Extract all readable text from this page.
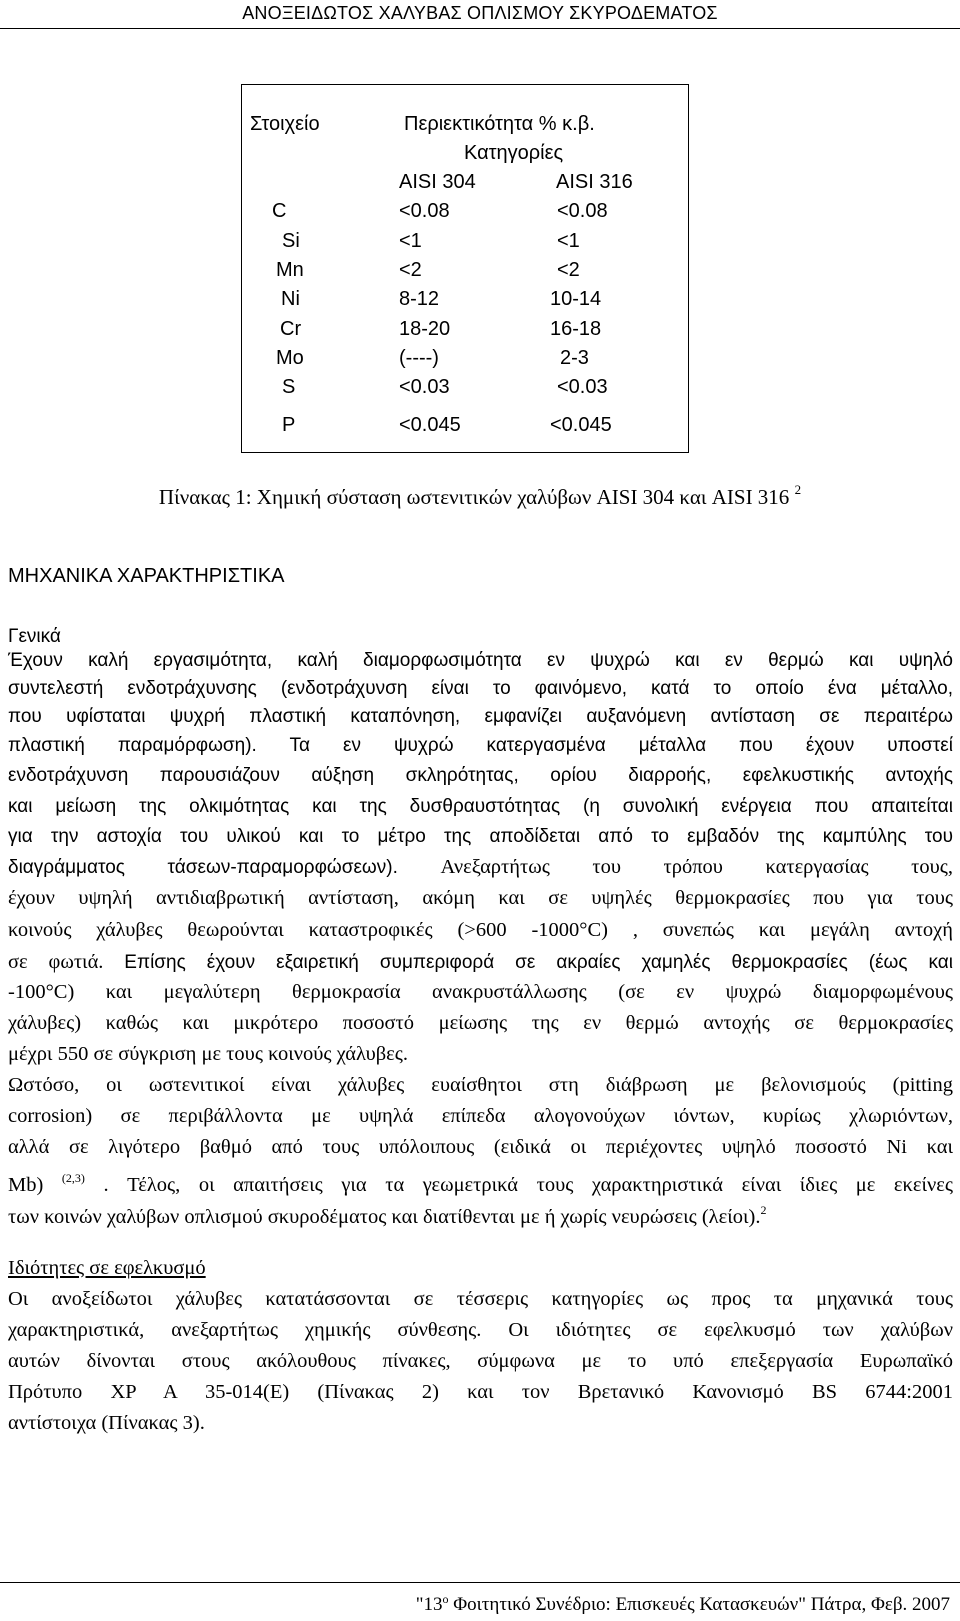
ΑΝΟΞΕΙΔΩΤΟΣ ΧΑΛΥΒΑΣ ΟΠΛΙΣΜΟΥ ΣΚΥΡΟΔΕΜΑΤΟΣ
Στοιχείο	Περιεκτικότητα % κ.β.
Κατηγορίες
AISI 304	AISI 316
C	<0.08	<0.08
Si	<1	<1
Mn	<2	<2
Ni	8-12	10-14
Cr	18-20	16-18
Mo	(----)	2-3
S	<0.03	<0.03
P	<0.045	<0.045
Πίνακας 1: Χημική σύσταση ωστενιτικών χαλύβων AISI 304 και AISI 316 $^2$
ΜΗΧΑΝΙΚΑ ΧΑΡΑΚΤΗΡΙΣΤΙΚΑ
Γενικά
Έχουν καλή εργασιμότητα, καλή διαμορφωσιμότητα εν ψυχρώ και εν θερμώ και υψηλό
συντελεστή ενδοτράχυνσης (ενδοτράχυνση είναι το φαινόμενο, κατά το οποίο ένα μέταλλο,
που υφίσταται ψυχρή πλαστική καταπόνηση, εμφανίζει αυξανόμενη αντίσταση σε περαιτέρω
πλαστική παραμόρφωση). Τα εν ψυχρώ κατεργασμένα μέταλλα που έχουν υποστεί
ενδοτράχυνση παρουσιάζουν αύξηση σκληρότητας, ορίου διαρροής, εφελκυστικής αντοχής
και μείωση της ολκιμότητας και της δυσθραυστότητας (η συνολική ενέργεια που απαιτείται
για την αστοχία του υλικού και το μέτρο της αποδίδεται από το εμβαδόν της καμπύλης του
διαγράμματος τάσεων-παραμορφώσεων). Ανεξαρτήτως του τρόπου κατεργασίας τους,
έχουν υψηλή αντιδιαβρωτική αντίσταση, ακόμη και σε υψηλές θερμοκρασίες που για τους
κοινούς χάλυβες θεωρούνται καταστροφικές (>600 -1000°C) , συνεπώς και μεγάλη αντοχή
σε φωτιά. Επίσης έχουν εξαιρετική συμπεριφορά σε ακραίες χαμηλές θερμοκρασίες (έως και
-100°C) και μεγαλύτερη θερμοκρασία ανακρυστάλλωσης (σε εν ψυχρώ διαμορφωμένους
χάλυβες) καθώς και μικρότερο ποσοστό μείωσης της εν θερμώ αντοχής σε θερμοκρασίες
μέχρι 550 σε σύγκριση με τους κοινούς χάλυβες.
Ωστόσο, οι ωστενιτικοί είναι χάλυβες ευαίσθητοι στη διάβρωση με βελονισμούς (pitting
corrosion) σε περιβάλλοντα με υψηλά επίπεδα αλογονούχων ιόντων, κυρίως χλωριόντων,
αλλά σε λιγότερο βαθμό από τους υπόλοιπους (ειδικά οι περιέχοντες υψηλό ποσοστό Ni και
Mb) $^{(2,3)}$ . Τέλος, οι απαιτήσεις για τα γεωμετρικά τους χαρακτηριστικά είναι ίδιες με εκείνες
των κοινών χαλύβων οπλισμού σκυροδέματος και διατίθενται με ή χωρίς νευρώσεις (λείοι).$^2$
Ιδιότητες σε εφελκυσμό
Οι ανοξείδωτοι χάλυβες κατατάσσονται σε τέσσερις κατηγορίες ως προς τα μηχανικά τους
χαρακτηριστικά, ανεξαρτήτως χημικής σύνθεσης. Οι ιδιότητες σε εφελκυσμό των χαλύβων
αυτών δίνονται στους ακόλουθους πίνακες, σύμφωνα με το υπό επεξεργασία Ευρωπαϊκό
Πρότυπο XP A 35-014(E) (Πίνακας 2) και τον Βρετανικό Κανονισμό BS 6744:2001
αντίστοιχα (Πίνακας 3).
"$13^o$ Φοιτητικό Συνέδριο: Επισκευές Κατασκευών" Πάτρα, Φεβ. 2007
